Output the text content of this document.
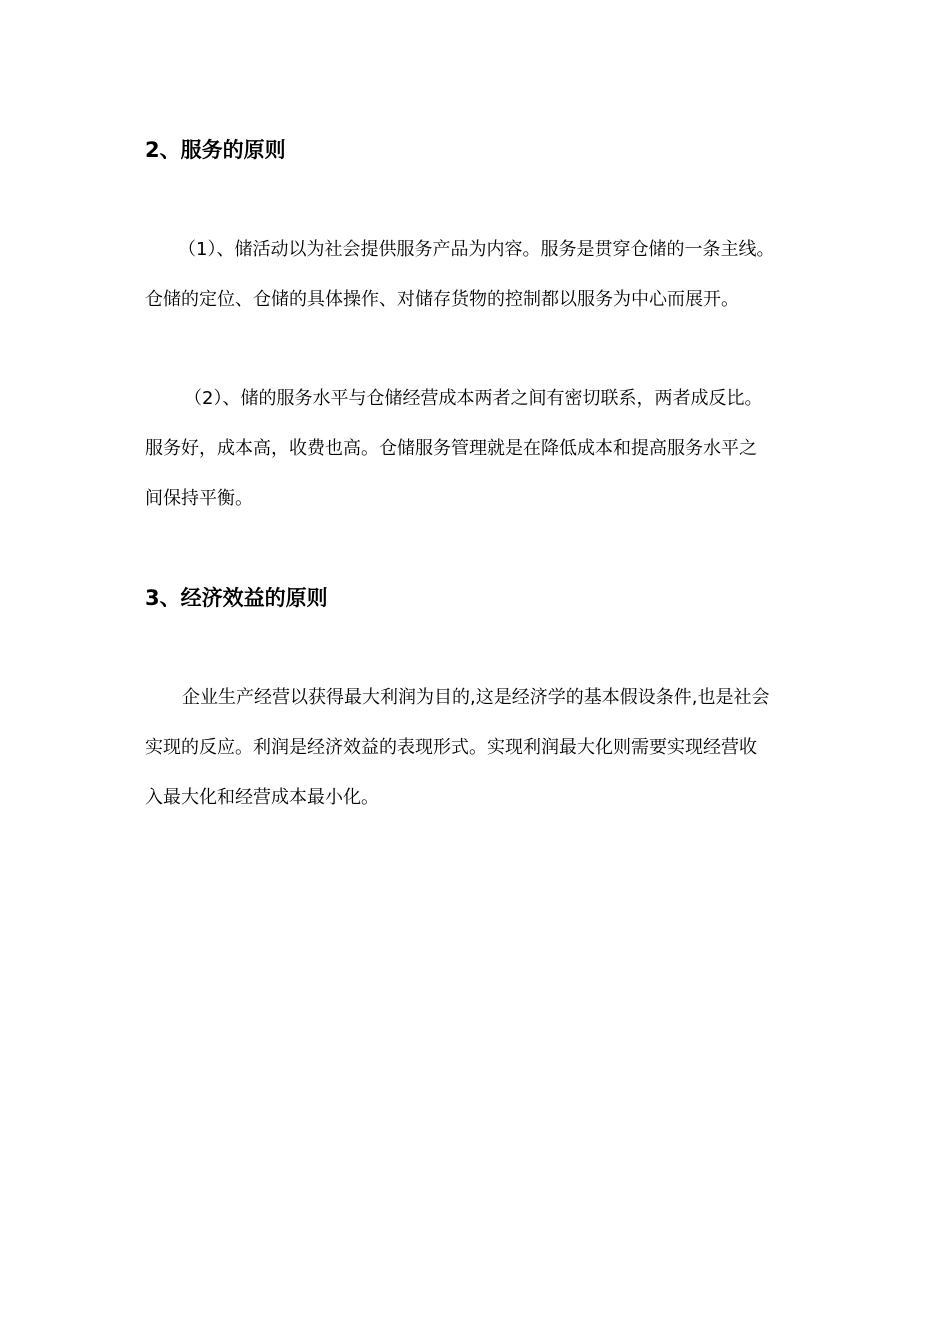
2、服务的原则

（1）、储活动以为社会提供服务产品为内容。服务是贯穿仓储的一条主线。

仓储的定位、仓储的具体操作、对储存货物的控制都以服务为中心而展开。

（2）、储的服务水平与仓储经营成本两者之间有密切联系，两者成反比。

服务好，成本高，收费也高。仓储服务管理就是在降低成本和提高服务水平之

间保持平衡。

3、经济效益的原则

企业生产经营以获得最大利润为目的,这是经济学的基本假设条件,也是社会

实现的反应。利润是经济效益的表现形式。实现利润最大化则需要实现经营收

入最大化和经营成本最小化。
